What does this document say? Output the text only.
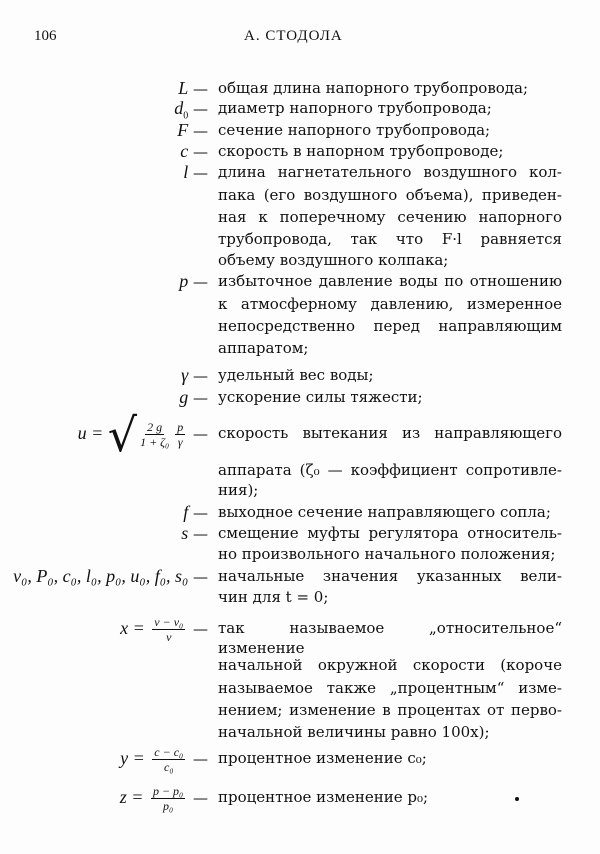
106	А. СТОДОЛА
L — общая длина напорного трубопровода;
$d_0$ — диаметр напорного трубопровода;
F — сечение напорного трубопровода;
c — скорость в напорном трубопроводе;
l — длина нагнетательного воздушного кол-
пака (его воздушного объема), приведен-
ная к поперечному сечению напорного
трубопровода, так что F·l равняется
объему воздушного колпака;
p — избыточное давление воды по отношению
к атмосферному давлению, измеренное
непосредственно перед направляющим
аппаратом;
γ — удельный вес воды;
g — ускорение силы тяжести;
u = √ $\frac{2 g}{\text{1 + ζ₀}} \frac{p}{\gamma}$ — скорость вытекания из направляющего
аппарата (ζ₀ — коэффициент сопротивле-
ния);
f — выходное сечение направляющего сопла;
s — смещение муфты регулятора относитель-
но произвольного начального положения;
v₀, P₀, c₀, l₀, p₀, u₀, f₀, s₀ — начальные значения указанных вели-
чин для t = 0;
$x = \frac{\text{v − v₀}}{v}$ — так называемое „относительное“ изменение
начальной окружной скорости (короче
называемое также „процентным“ изме-
нением; изменение в процентах от перво-
начальной величины равно 100x);
$y = \frac{\text{c − c₀}}{\text{c₀}}$ — процентное изменение c₀;
$z = \frac{\text{p − p₀}}{\text{p₀}}$ — процентное изменение p₀;
